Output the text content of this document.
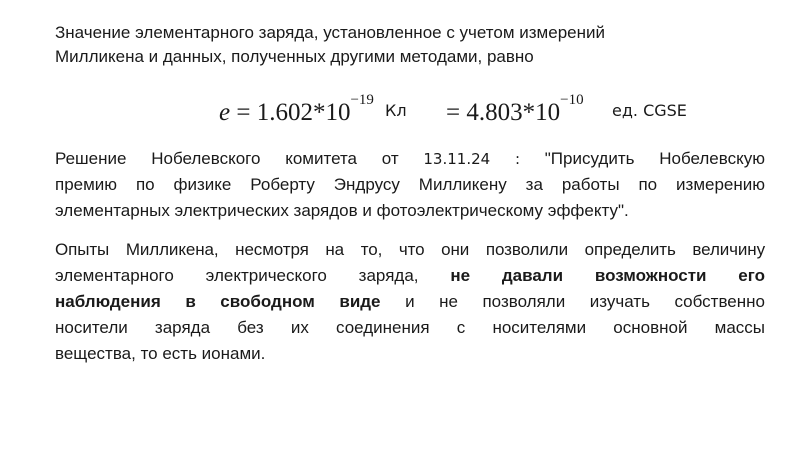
Значение элементарного заряда, установленное с учетом измерений
Милликена и данных, полученных другими методами, равно

$e = 1.602*10^{-19}$
Кл = $4.803*10^{-10}$
ед. CGSE

Решение Нобелевского комитета от 13.11.24 : "Присудить Нобелевскую
премию по физике Роберту Эндрусу Милликену за работы по измерению
элементарных электрических зарядов и фотоэлектрическому эффекту".

Опыты Милликена, несмотря на то, что они позволили определить величину
элементарного электрического заряда, не давали возможности его
наблюдения в свободном виде и не позволяли изучать собственно
носители заряда без их соединения с носителями основной массы
вещества, то есть ионами.
